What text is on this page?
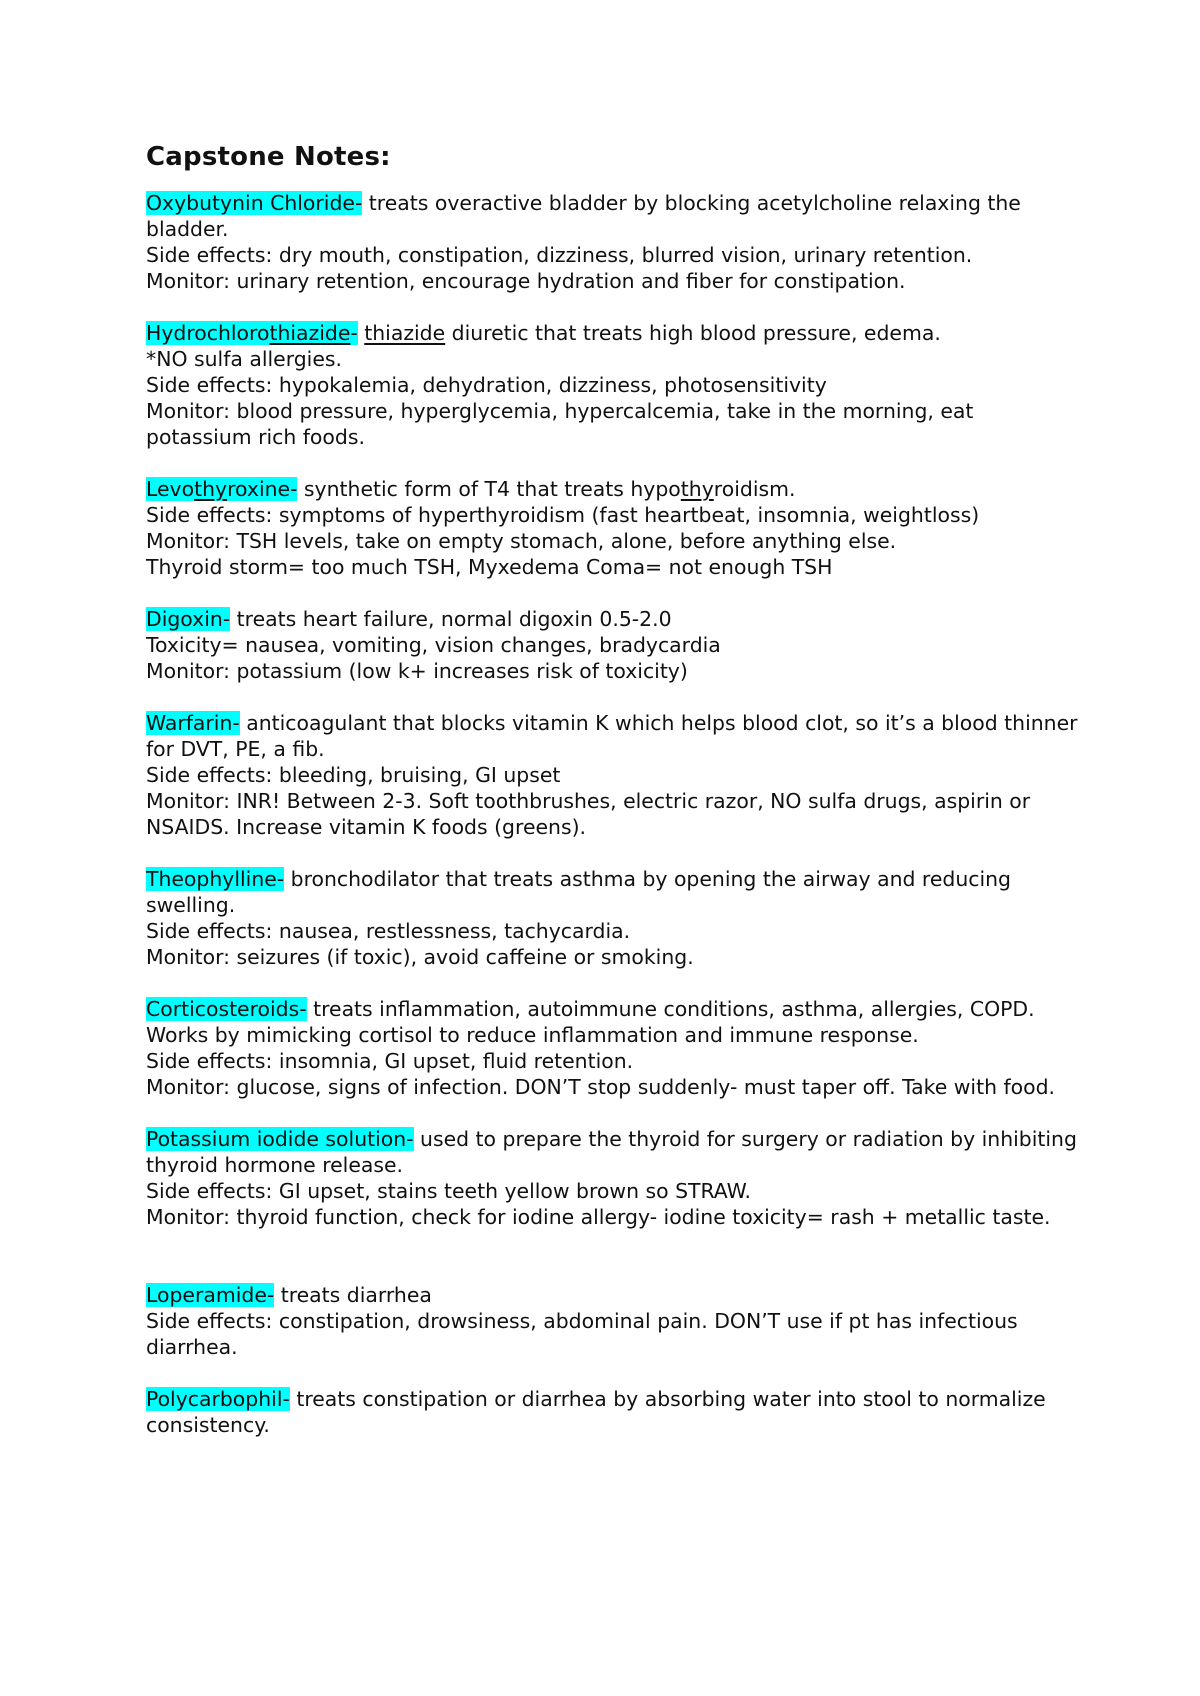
Capstone Notes:
Oxybutynin Chloride- treats overactive bladder by blocking acetylcholine relaxing the bladder.
Side effects: dry mouth, constipation, dizziness, blurred vision, urinary retention.
Monitor: urinary retention, encourage hydration and fiber for constipation.
Hydrochlorothiazide- thiazide diuretic that treats high blood pressure, edema.
*NO sulfa allergies.
Side effects: hypokalemia, dehydration, dizziness, photosensitivity
Monitor: blood pressure, hyperglycemia, hypercalcemia, take in the morning, eat potassium rich foods.
Levothyroxine- synthetic form of T4 that treats hypothyroidism.
Side effects: symptoms of hyperthyroidism (fast heartbeat, insomnia, weightloss)
Monitor: TSH levels, take on empty stomach, alone, before anything else.
Thyroid storm= too much TSH, Myxedema Coma= not enough TSH
Digoxin- treats heart failure, normal digoxin 0.5-2.0
Toxicity= nausea, vomiting, vision changes, bradycardia
Monitor: potassium (low k+ increases risk of toxicity)
Warfarin- anticoagulant that blocks vitamin K which helps blood clot, so it’s a blood thinner for DVT, PE, a fib.
Side effects: bleeding, bruising, GI upset
Monitor: INR! Between 2-3. Soft toothbrushes, electric razor, NO sulfa drugs, aspirin or NSAIDS. Increase vitamin K foods (greens).
Theophylline- bronchodilator that treats asthma by opening the airway and reducing swelling.
Side effects: nausea, restlessness, tachycardia.
Monitor: seizures (if toxic), avoid caffeine or smoking.
Corticosteroids- treats inflammation, autoimmune conditions, asthma, allergies, COPD. Works by mimicking cortisol to reduce inflammation and immune response.
Side effects: insomnia, GI upset, fluid retention.
Monitor: glucose, signs of infection. DON’T stop suddenly- must taper off. Take with food.
Potassium iodide solution- used to prepare the thyroid for surgery or radiation by inhibiting thyroid hormone release.
Side effects: GI upset, stains teeth yellow brown so STRAW.
Monitor: thyroid function, check for iodine allergy- iodine toxicity= rash + metallic taste.
Loperamide- treats diarrhea
Side effects: constipation, drowsiness, abdominal pain. DON’T use if pt has infectious diarrhea.
Polycarbophil- treats constipation or diarrhea by absorbing water into stool to normalize consistency.
